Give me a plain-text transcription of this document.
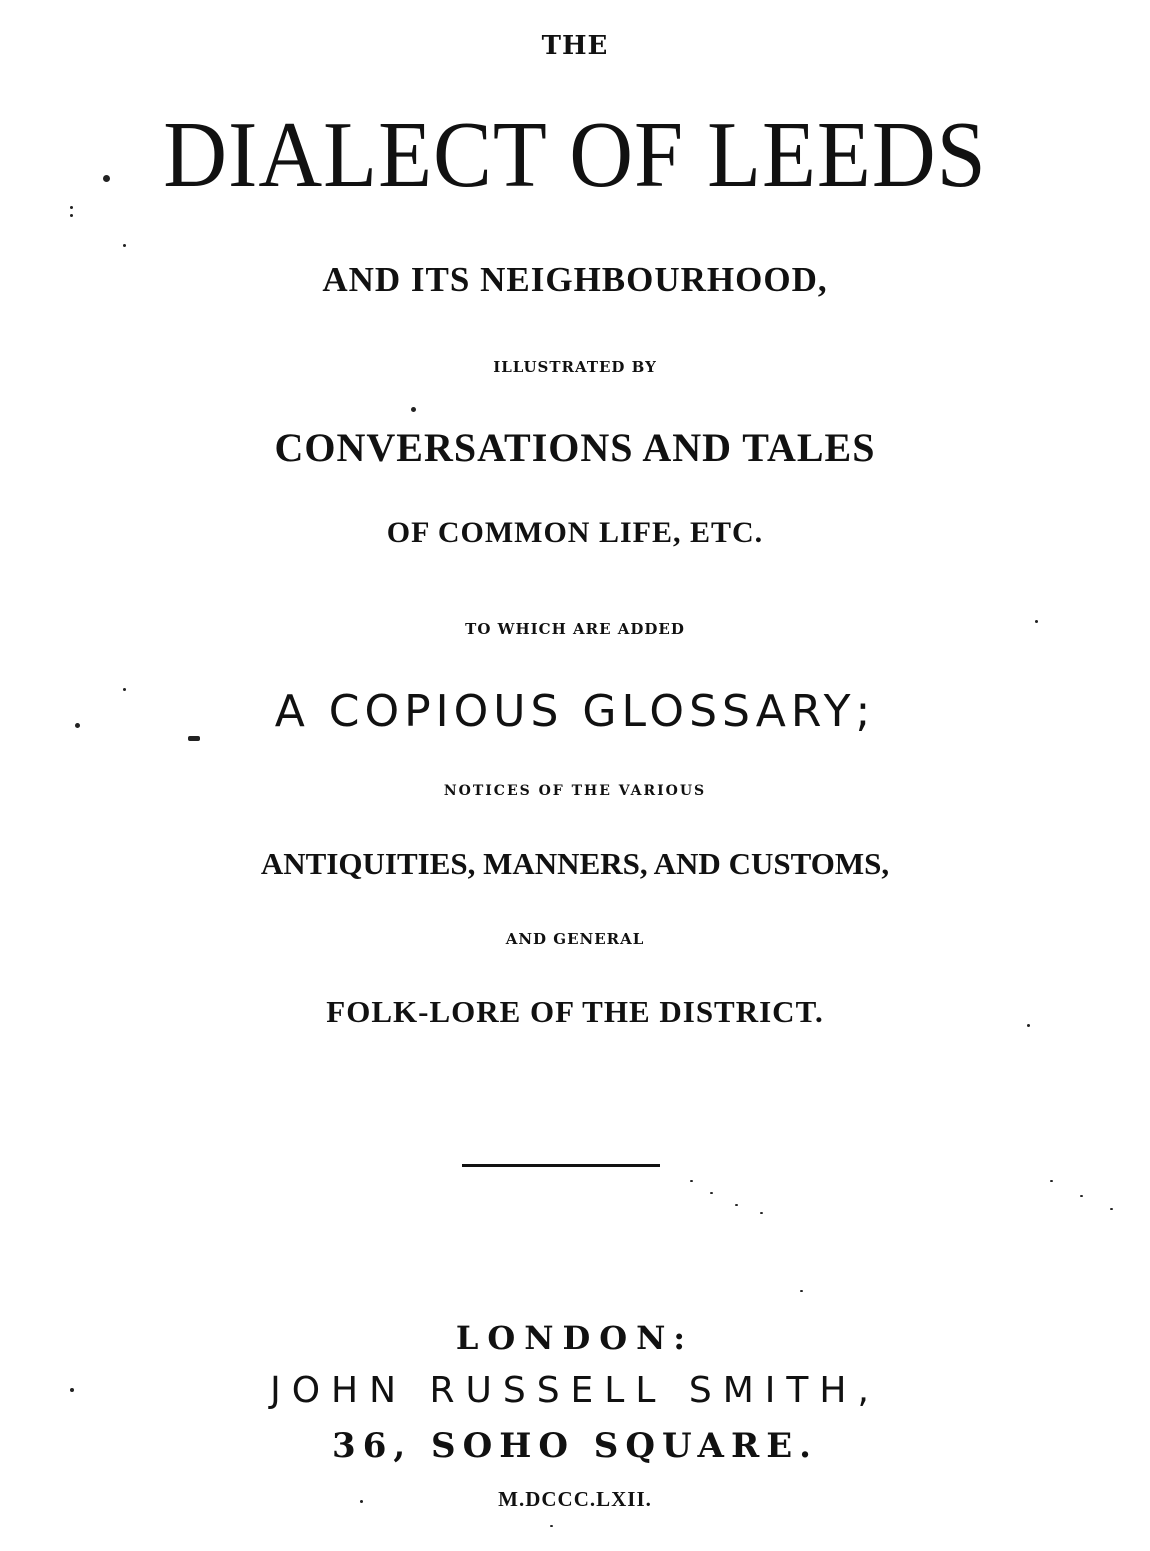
THE
DIALECT OF LEEDS
AND ITS NEIGHBOURHOOD,
ILLUSTRATED BY
CONVERSATIONS AND TALES
OF COMMON LIFE, ETC.
TO WHICH ARE ADDED
A COPIOUS GLOSSARY;
NOTICES OF THE VARIOUS
ANTIQUITIES, MANNERS, AND CUSTOMS,
AND GENERAL
FOLK-LORE OF THE DISTRICT.
LONDON:
JOHN RUSSELL SMITH,
36, SOHO SQUARE.
M.DCCC.LXII.
